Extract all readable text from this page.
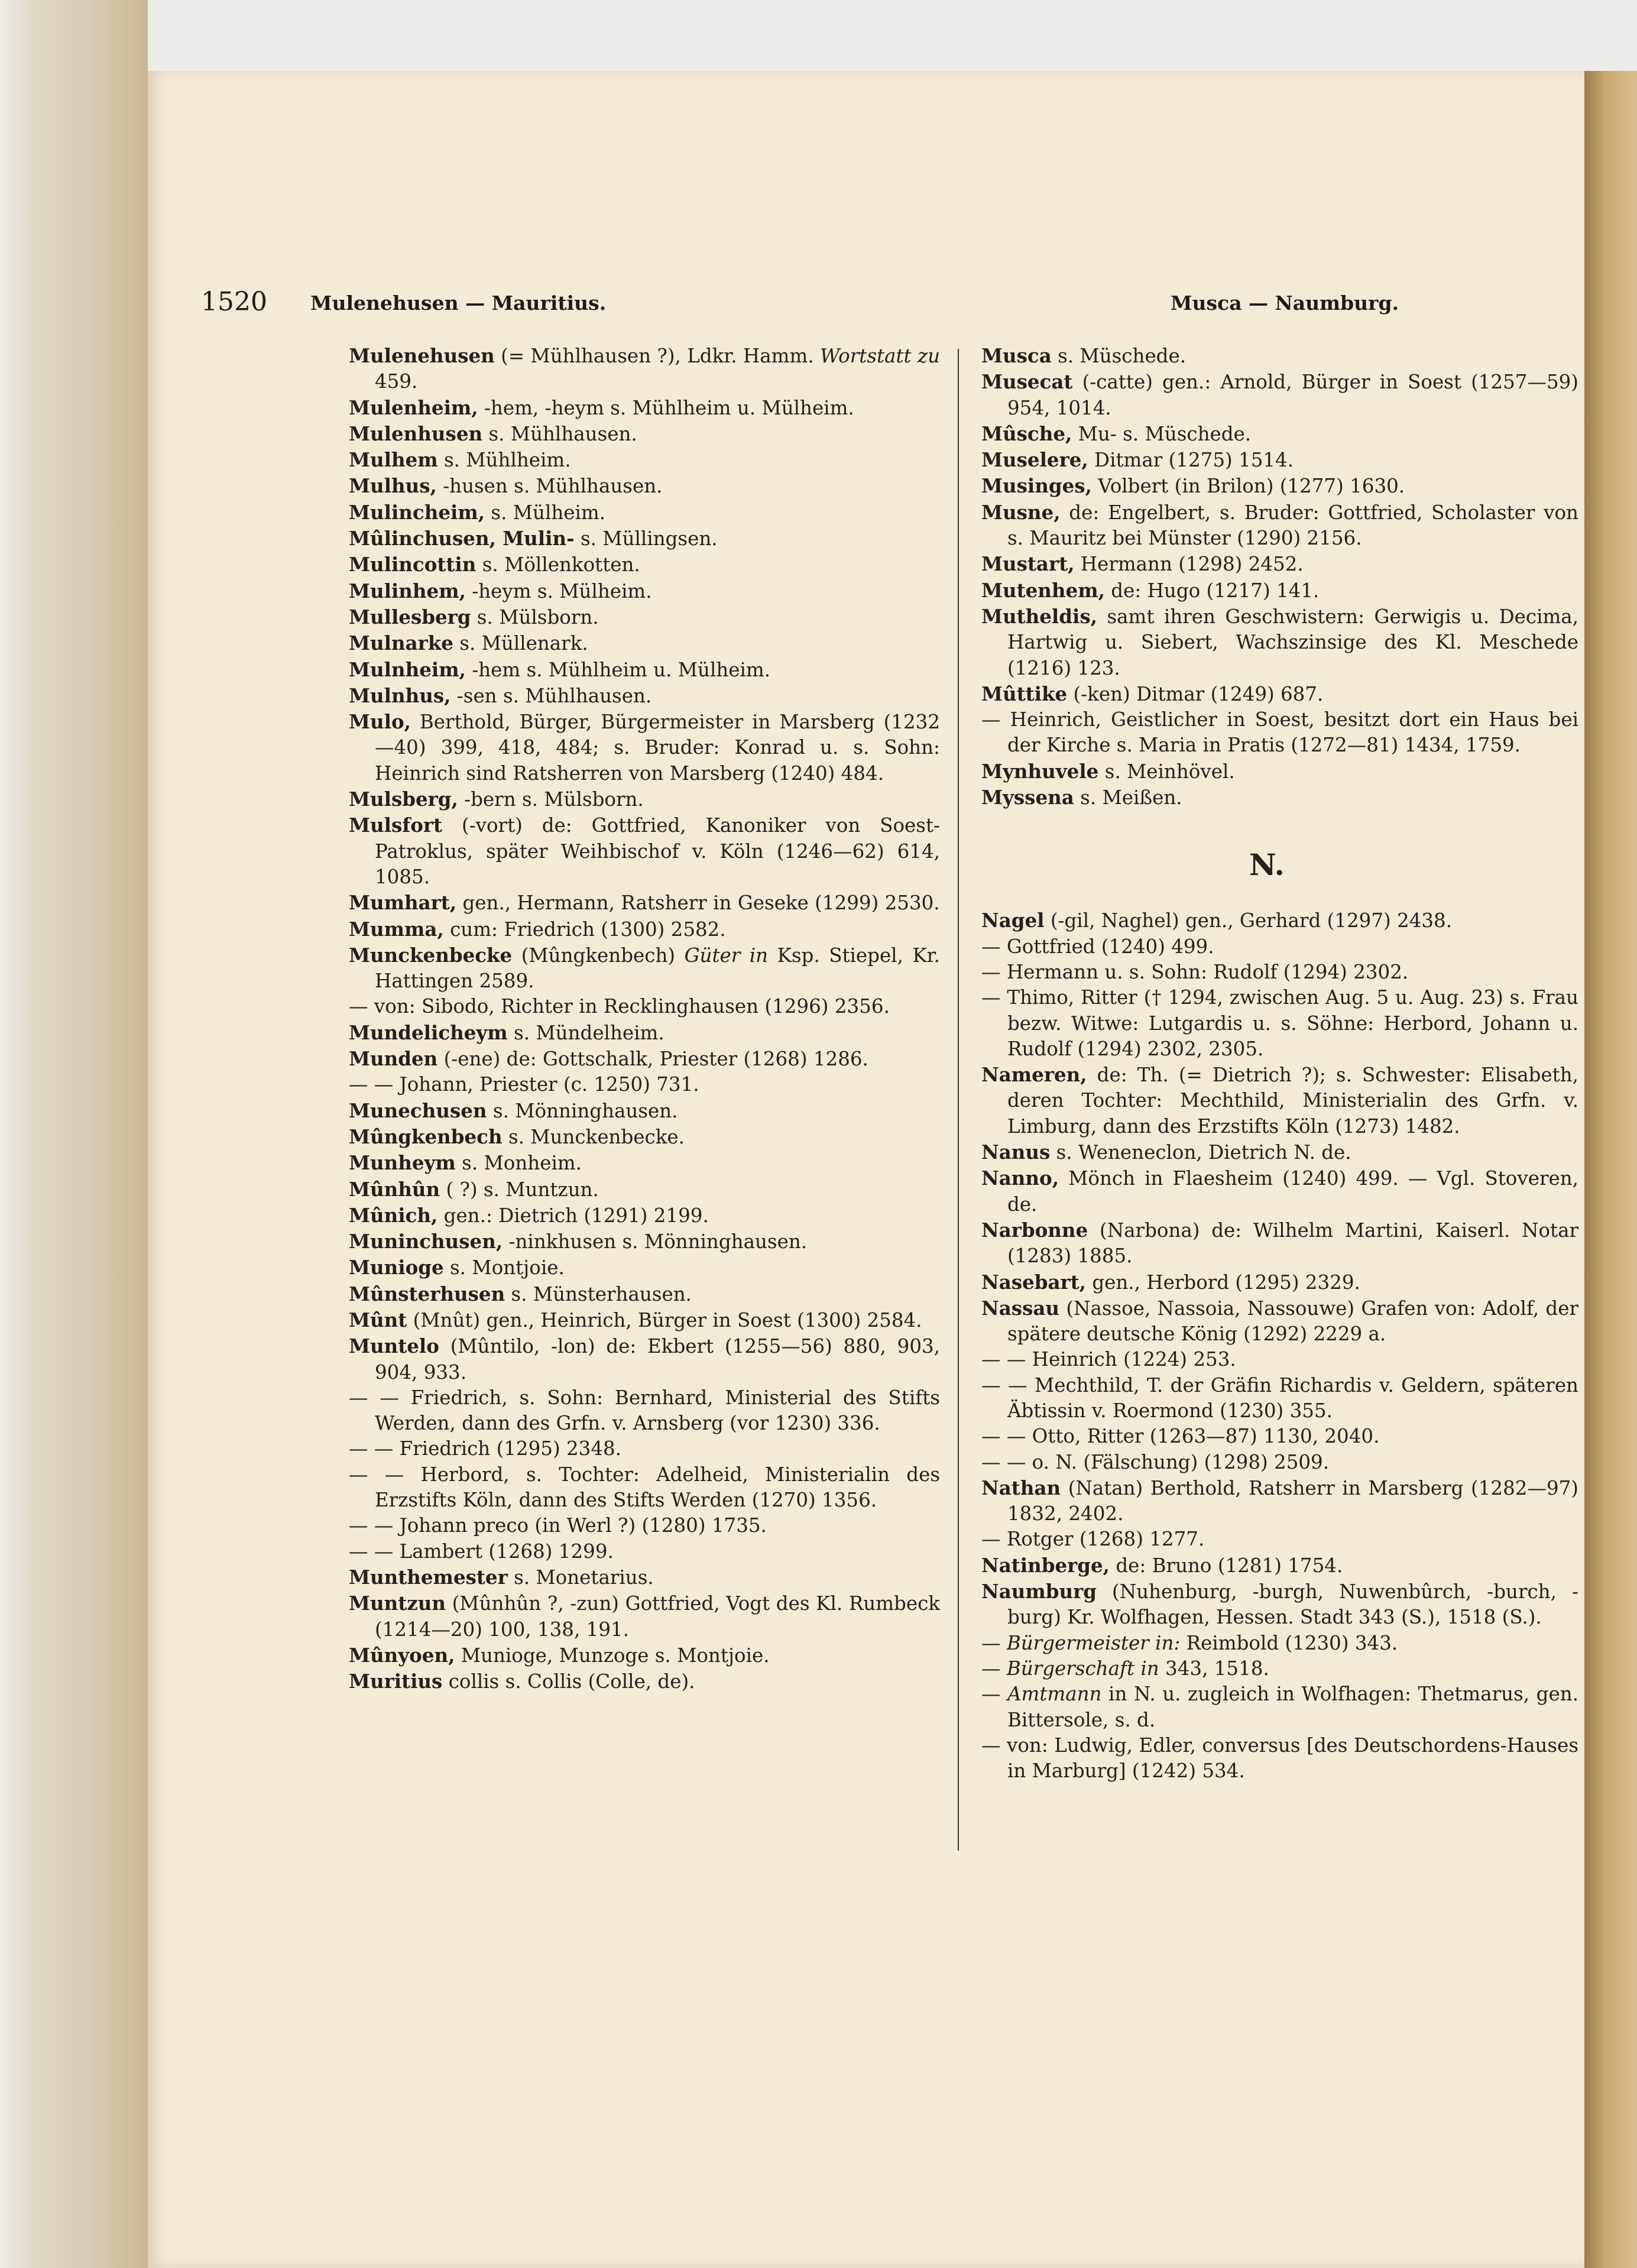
1520 Mulenehusen — Mauritius.	Musca — Naumburg.
Mulenehusen (= Mühlhausen ?), Ldkr. Hamm. Wortstatt zu 459.
Mulenheim, -hem, -heym s. Mühlheim u. Mülheim.
Mulenhusen s. Mühlhausen.
Mulhem s. Mühlheim.
Mulhus, -husen s. Mühlhausen.
Mulincheim, s. Mülheim.
Mûlinchusen, Mulin- s. Müllingsen.
Mulincottin s. Möllenkotten.
Mulinhem, -heym s. Mülheim.
Mullesberg s. Mülsborn.
Mulnarke s. Müllenark.
Mulnheim, -hem s. Mühlheim u. Mülheim.
Mulnhus, -sen s. Mühlhausen.
Mulo, Berthold, Bürger, Bürgermeister in Marsberg (1232—40) 399, 418, 484; s. Bruder: Konrad u. s. Sohn: Heinrich sind Ratsherren von Marsberg (1240) 484.
Mulsberg, -bern s. Mülsborn.
Mulsfort (-vort) de: Gottfried, Kanoniker von Soest-Patroklus, später Weihbischof v. Köln (1246—62) 614, 1085.
Mumhart, gen., Hermann, Ratsherr in Geseke (1299) 2530.
Mumma, cum: Friedrich (1300) 2582.
Munckenbecke (Mûngkenbech) Güter in Ksp. Stiepel, Kr. Hattingen 2589.
— von: Sibodo, Richter in Recklinghausen (1296) 2356.
Mundelicheym s. Mündelheim.
Munden (-ene) de: Gottschalk, Priester (1268) 1286.
— — Johann, Priester (c. 1250) 731.
Munechusen s. Mönninghausen.
Mûngkenbech s. Munckenbecke.
Munheym s. Monheim.
Mûnhûn ( ?) s. Muntzun.
Mûnich, gen.: Dietrich (1291) 2199.
Muninchusen, -ninkhusen s. Mönninghausen.
Munioge s. Montjoie.
Mûnsterhusen s. Münsterhausen.
Mûnt (Mnût) gen., Heinrich, Bürger in Soest (1300) 2584.
Muntelo (Mûntilo, -lon) de: Ekbert (1255—56) 880, 903, 904, 933.
— — Friedrich, s. Sohn: Bernhard, Ministerial des Stifts Werden, dann des Grfn. v. Arnsberg (vor 1230) 336.
— — Friedrich (1295) 2348.
— — Herbord, s. Tochter: Adelheid, Ministerialin des Erzstifts Köln, dann des Stifts Werden (1270) 1356.
— — Johann preco (in Werl ?) (1280) 1735.
— — Lambert (1268) 1299.
Munthemester s. Monetarius.
Muntzun (Mûnhûn ?, -zun) Gottfried, Vogt des Kl. Rumbeck (1214—20) 100, 138, 191.
Mûnyoen, Munioge, Munzoge s. Montjoie.
Muritius collis s. Collis (Colle, de).
Musca s. Müschede.
Musecat (-catte) gen.: Arnold, Bürger in Soest (1257—59) 954, 1014.
Mûsche, Mu- s. Müschede.
Muselere, Ditmar (1275) 1514.
Musinges, Volbert (in Brilon) (1277) 1630.
Musne, de: Engelbert, s. Bruder: Gottfried, Scholaster von s. Mauritz bei Münster (1290) 2156.
Mustart, Hermann (1298) 2452.
Mutenhem, de: Hugo (1217) 141.
Mutheldis, samt ihren Geschwistern: Gerwigis u. Decima, Hartwig u. Siebert, Wachszinsige des Kl. Meschede (1216) 123.
Mûttike (-ken) Ditmar (1249) 687.
— Heinrich, Geistlicher in Soest, besitzt dort ein Haus bei der Kirche s. Maria in Pratis (1272—81) 1434, 1759.
Mynhuvele s. Meinhövel.
Myssena s. Meißen.
N.
Nagel (-gil, Naghel) gen., Gerhard (1297) 2438.
— Gottfried (1240) 499.
— Hermann u. s. Sohn: Rudolf (1294) 2302.
— Thimo, Ritter († 1294, zwischen Aug. 5 u. Aug. 23) s. Frau bezw. Witwe: Lutgardis u. s. Söhne: Herbord, Johann u. Rudolf (1294) 2302, 2305.
Nameren, de: Th. (= Dietrich ?); s. Schwester: Elisabeth, deren Tochter: Mechthild, Ministerialin des Grfn. v. Limburg, dann des Erzstifts Köln (1273) 1482.
Nanus s. Weneneclon, Dietrich N. de.
Nanno, Mönch in Flaesheim (1240) 499. — Vgl. Stoveren, de.
Narbonne (Narbona) de: Wilhelm Martini, Kaiserl. Notar (1283) 1885.
Nasebart, gen., Herbord (1295) 2329.
Nassau (Nassoe, Nassoia, Nassouwe) Grafen von: Adolf, der spätere deutsche König (1292) 2229 a.
— — Heinrich (1224) 253.
— — Mechthild, T. der Gräfin Richardis v. Geldern, späteren Äbtissin v. Roermond (1230) 355.
— — Otto, Ritter (1263—87) 1130, 2040.
— — o. N. (Fälschung) (1298) 2509.
Nathan (Natan) Berthold, Ratsherr in Marsberg (1282—97) 1832, 2402.
— Rotger (1268) 1277.
Natinberge, de: Bruno (1281) 1754.
Naumburg (Nuhenburg, -burgh, Nuwenbûrch, -burch, -burg) Kr. Wolfhagen, Hessen. Stadt 343 (S.), 1518 (S.).
— Bürgermeister in: Reimbold (1230) 343.
— Bürgerschaft in 343, 1518.
— Amtmann in N. u. zugleich in Wolfhagen: Thetmarus, gen. Bittersole, s. d.
— von: Ludwig, Edler, conversus [des Deutschordens-Hauses in Marburg] (1242) 534.
